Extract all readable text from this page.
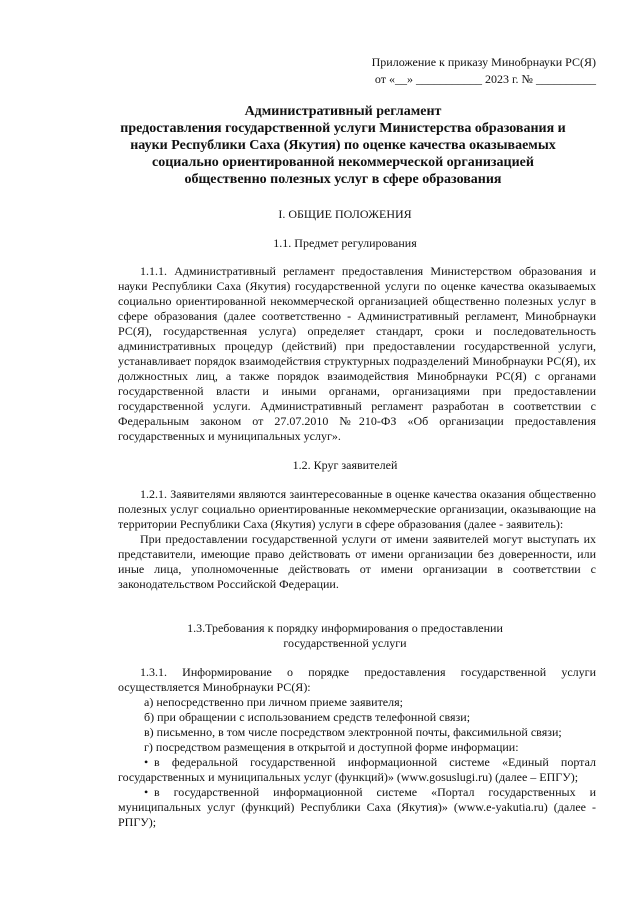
Приложение к приказу Минобрнауки РС(Я)
от «__» ___________ 2023 г. № __________
Административный регламент
предоставления государственной услуги Министерства образования и
науки Республики Саха (Якутия) по оценке качества оказываемых
социально ориентированной некоммерческой организацией
общественно полезных услуг в сфере образования
I. ОБЩИЕ ПОЛОЖЕНИЯ
1.1. Предмет регулирования

1.1.1. Административный регламент предоставления Министерством образования и науки Республики Саха (Якутия) государственной услуги по оценке качества оказываемых социально ориентированной некоммерческой организацией общественно полезных услуг в сфере образования (далее соответственно - Административный регламент, Минобрнауки РС(Я), государственная услуга) определяет стандарт, сроки и последовательность административных процедур (действий) при предоставлении государственной услуги, устанавливает порядок взаимодействия структурных подразделений Минобрнауки РС(Я), их должностных лиц, а также порядок взаимодействия Минобрнауки РС(Я) с органами государственной власти и иными органами, организациями при предоставлении государственной услуги. Административный регламент разработан в соответствии с Федеральным законом от 27.07.2010 №210-ФЗ «Об организации предоставления государственных и муниципальных услуг».

1.2. Круг заявителей

1.2.1. Заявителями являются заинтересованные в оценке качества оказания общественно полезных услуг социально ориентированные некоммерческие организации, оказывающие на территории Республики Саха (Якутия) услуги в сфере образования (далее - заявитель):

При предоставлении государственной услуги от имени заявителей могут выступать их представители, имеющие право действовать от имени организации без доверенности, или иные лица, уполномоченные действовать от имени организации в соответствии с законодательством Российской Федерации.

1.3.Требования к порядку информирования о предоставлении
государственной услуги

1.3.1. Информирование о порядке предоставления государственной услуги осуществляется Минобрнауки РС(Я):

а) непосредственно при личном приеме заявителя;

б) при обращении с использованием средств телефонной связи;

в) письменно, в том числе посредством электронной почты, факсимильной связи;

г) посредством размещения в открытой и доступной форме информации:

• в федеральной государственной информационной системе «Единый портал государственных и муниципальных услуг (функций)» (www.gosuslugi.ru) (далее – ЕПГУ);

• в государственной информационной системе «Портал государственных и муниципальных услуг (функций) Республики Саха (Якутия)» (www.e-yakutia.ru) (далее - РПГУ);
